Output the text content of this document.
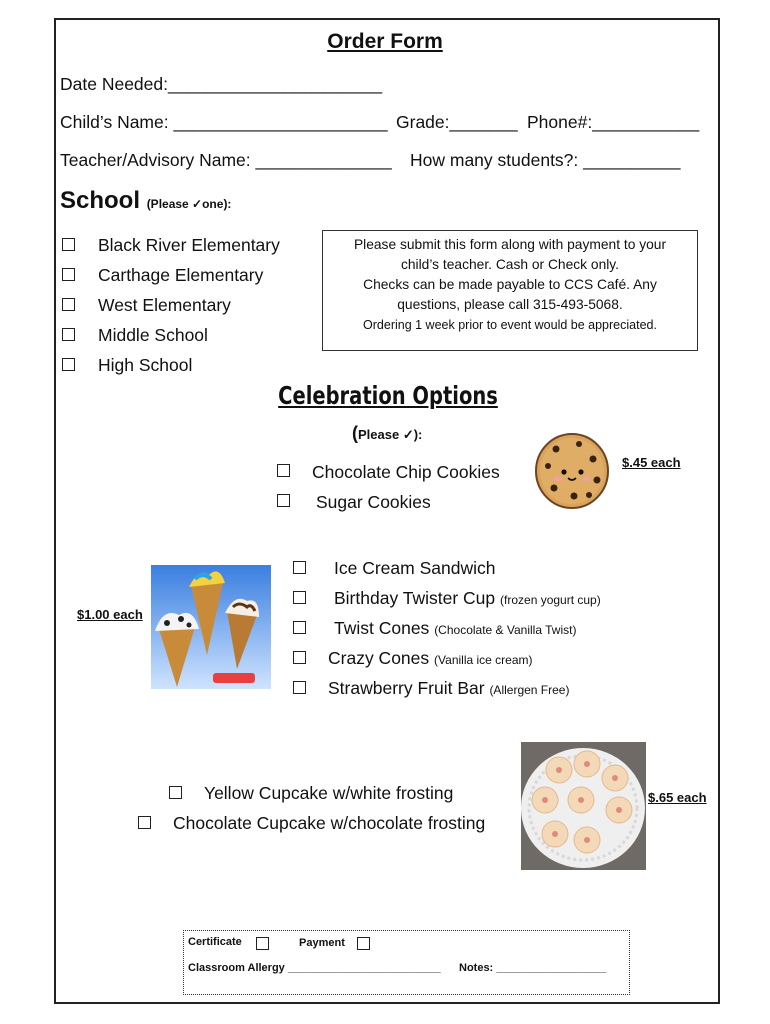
Order Form
Date Needed:______________________
Child’s Name: ______________________ Grade:_______ Phone#:___________
Teacher/Advisory Name: ______________ How many students?: __________
School (Please ✓one):
Black River Elementary
Carthage Elementary
West Elementary
Middle School
High School
Please submit this form along with payment to your
child’s teacher. Cash or Check only.
Checks can be made payable to CCS Café. Any
questions, please call 315-493-5068.
Ordering 1 week prior to event would be appreciated.
Celebration Options
(Please ✓):
Chocolate Chip Cookies
Sugar Cookies
$.45 each
$1.00 each
Ice Cream Sandwich
Birthday Twister Cup (frozen yogurt cup)
Twist Cones (Chocolate & Vanilla Twist)
Crazy Cones (Vanilla ice cream)
Strawberry Fruit Bar (Allergen Free)
Yellow Cupcake w/white frosting
Chocolate Cupcake w/chocolate frosting
$.65 each
Certificate	Payment
Classroom Allergy _________________________ Notes: __________________
